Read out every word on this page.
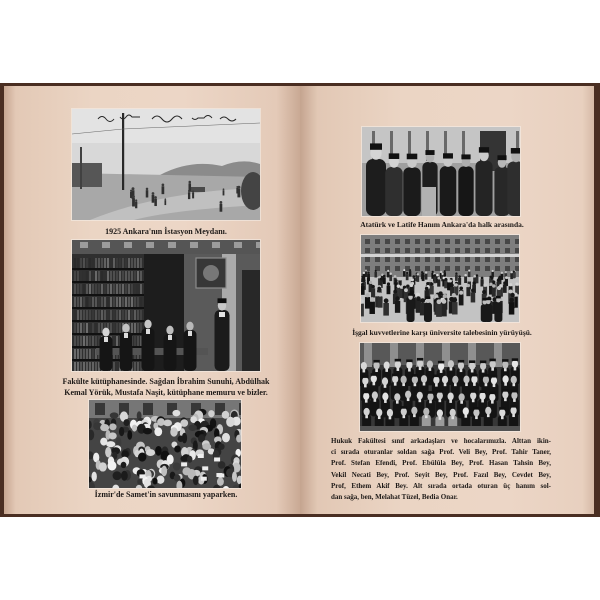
1925 Ankara'nın İstasyon Meydanı.
Fakülte kütüphanesinde. Sağdan İbrahim Sunuhi, Abdülhak
Kemal Yörük, Mustafa Naşit, kütüphane memuru ve bizler.
İzmir'de Samet'in savunmasını yaparken.
Atatürk ve Latife Hanım Ankara'da halk arasında.
İşgal kuvvetlerine karşı üniversite talebesinin yürüyüşü.
Hukuk Fakültesi sınıf arkadaşları ve hocalarımızla. Alttan ikin-
ci sırada oturanlar soldan sağa Prof. Veli Bey, Prof. Tahir Taner,
Prof. Stefan Efendi, Prof. Ebülûla Bey, Prof. Hasan Tahsin Bey,
Vekil Necati Bey, Prof. Seyit Bey, Prof. Fazıl Bey, Cevdet Bey,
Prof, Ethem Akif Bey. Alt sırada ortada oturan üç hanım sol-
dan sağa, ben, Melahat Tüzel, Bedia Onar.
